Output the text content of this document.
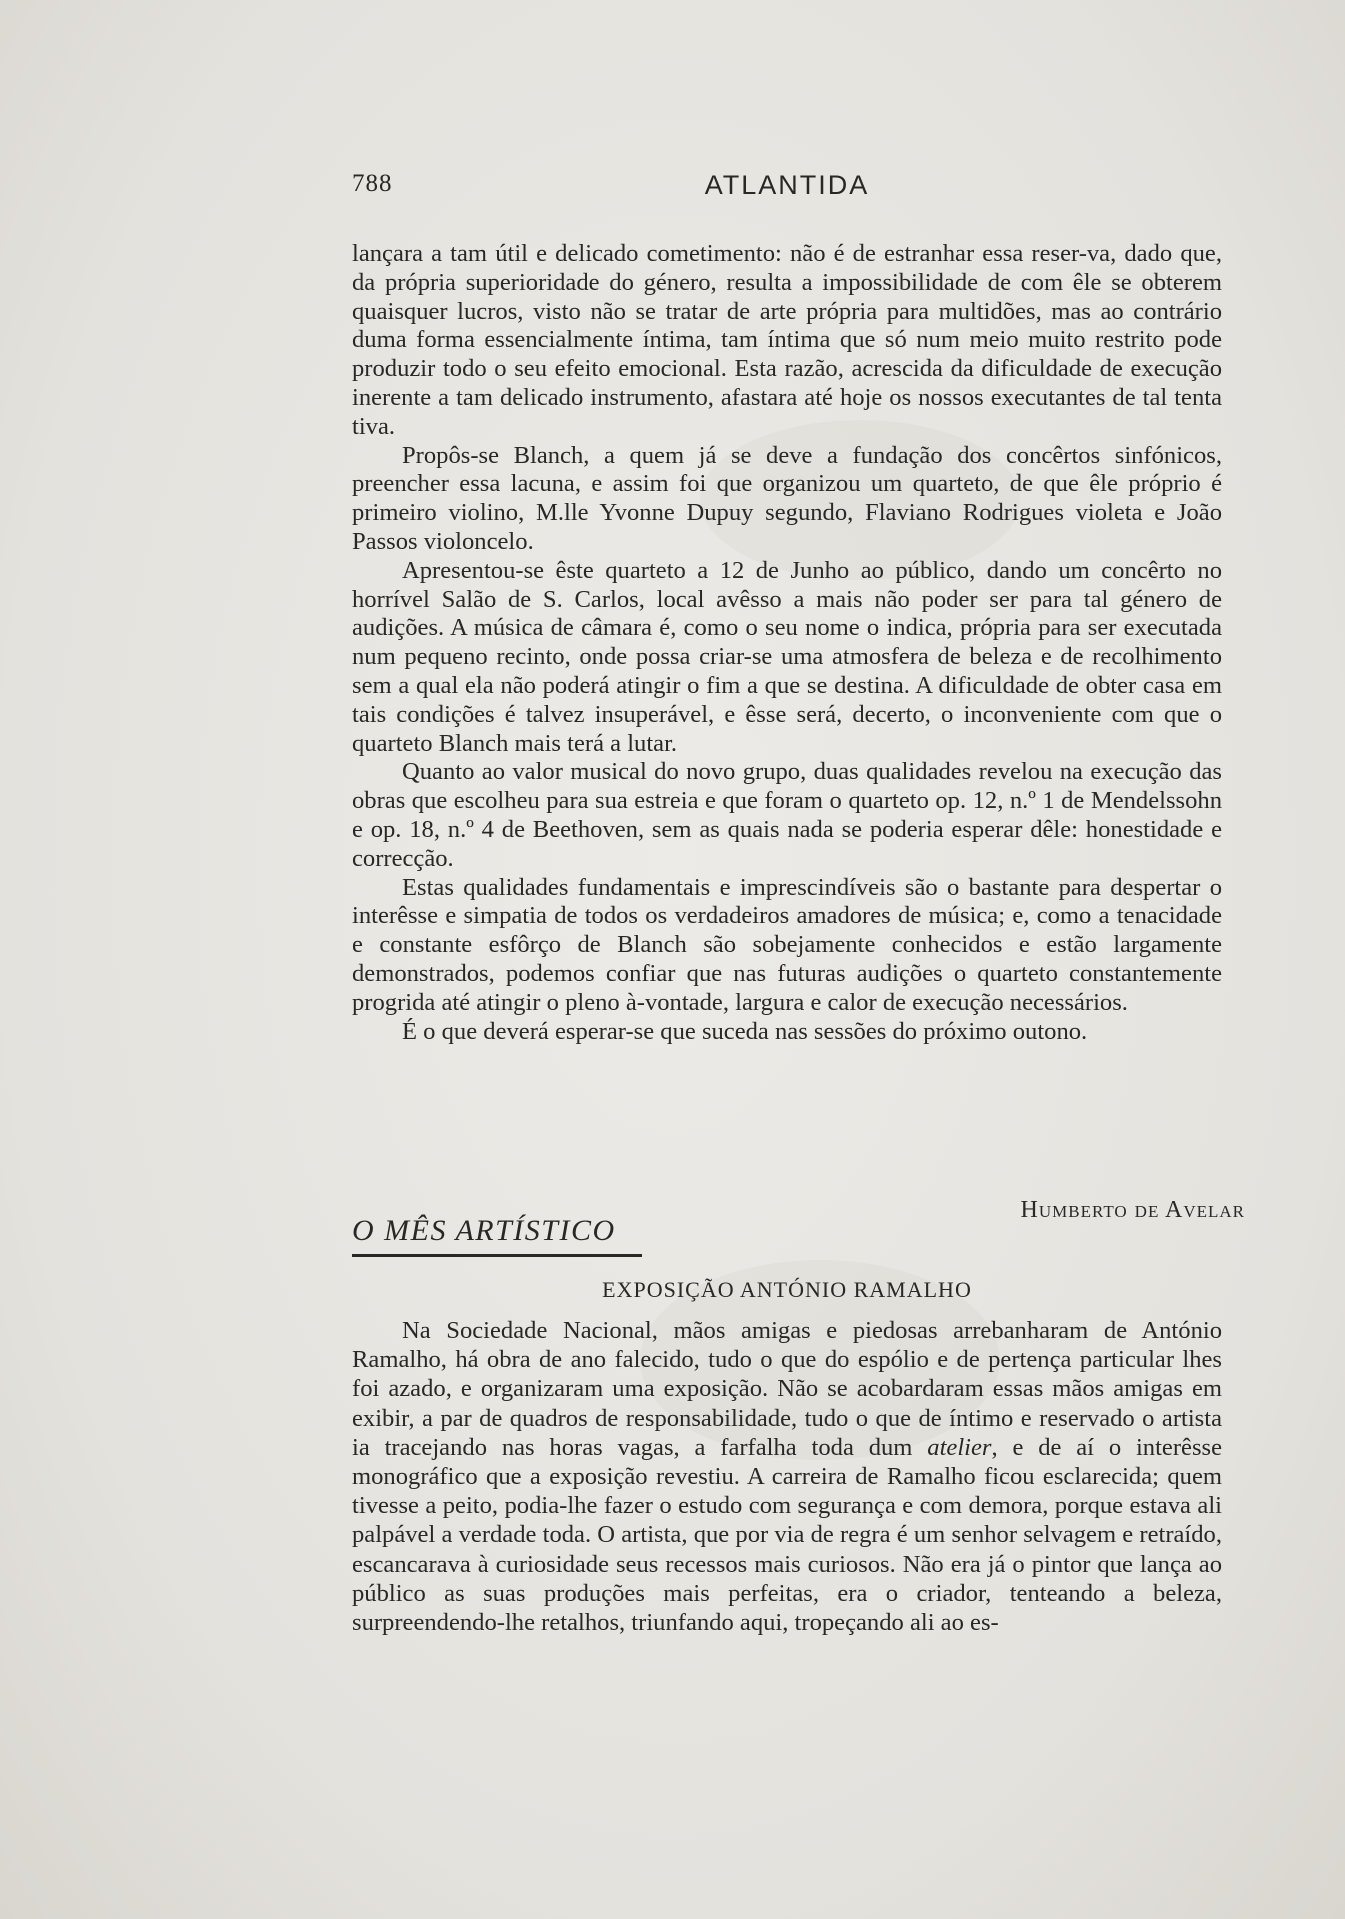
788	ATLANTIDA

lançara a tam útil e delicado cometimento: não é de estranhar essa reser-va, dado que, da própria superioridade do género, resulta a impossibilidade de com êle se obterem quaisquer lucros, visto não se tratar de arte própria para multidões, mas ao contrário duma forma essencialmente íntima, tam íntima que só num meio muito restrito pode produzir todo o seu efeito emocional. Esta razão, acrescida da dificuldade de execução inerente a tam delicado instrumento, afastara até hoje os nossos executantes de tal tenta tiva.

Propôs-se Blanch, a quem já se deve a fundação dos concêrtos sinfónicos, preencher essa lacuna, e assim foi que organizou um quarteto, de que êle próprio é primeiro violino, M.lle Yvonne Dupuy segundo, Flaviano Rodrigues violeta e João Passos violoncelo.

Apresentou-se êste quarteto a 12 de Junho ao público, dando um concêrto no horrível Salão de S. Carlos, local avêsso a mais não poder ser para tal género de audições. A música de câmara é, como o seu nome o indica, própria para ser executada num pequeno recinto, onde possa criar-se uma atmosfera de beleza e de recolhimento sem a qual ela não poderá atingir o fim a que se destina. A dificuldade de obter casa em tais condições é talvez insuperável, e êsse será, decerto, o inconveniente com que o quarteto Blanch mais terá a lutar.

Quanto ao valor musical do novo grupo, duas qualidades revelou na execução das obras que escolheu para sua estreia e que foram o quarteto op. 12, n.º 1 de Mendelssohn e op. 18, n.º 4 de Beethoven, sem as quais nada se poderia esperar dêle: honestidade e correcção.

Estas qualidades fundamentais e imprescindíveis são o bastante para despertar o interêsse e simpatia de todos os verdadeiros amadores de música; e, como a tenacidade e constante esfôrço de Blanch são sobejamente conhecidos e estão largamente demonstrados, podemos confiar que nas futuras audições o quarteto constantemente progrida até atingir o pleno à-vontade, largura e calor de execução necessários.

É o que deverá esperar-se que suceda nas sessões do próximo outono.

Humberto de Avelar
O MÊS ARTÍSTICO
EXPOSIÇÃO ANTÓNIO RAMALHO

Na Sociedade Nacional, mãos amigas e piedosas arrebanharam de António Ramalho, há obra de ano falecido, tudo o que do espólio e de pertença particular lhes foi azado, e organizaram uma exposição. Não se acobardaram essas mãos amigas em exibir, a par de quadros de responsabilidade, tudo o que de íntimo e reservado o artista ia tracejando nas horas vagas, a farfalha toda dum atelier, e de aí o interêsse monográfico que a exposição revestiu. A carreira de Ramalho ficou esclarecida; quem tivesse a peito, podia-lhe fazer o estudo com segurança e com demora, porque estava ali palpável a verdade toda. O artista, que por via de regra é um senhor selvagem e retraído, escancarava à curiosidade seus recessos mais curiosos. Não era já o pintor que lança ao público as suas produções mais perfeitas, era o criador, tenteando a beleza, surpreendendo-lhe retalhos, triunfando aqui, tropeçando ali ao es-
